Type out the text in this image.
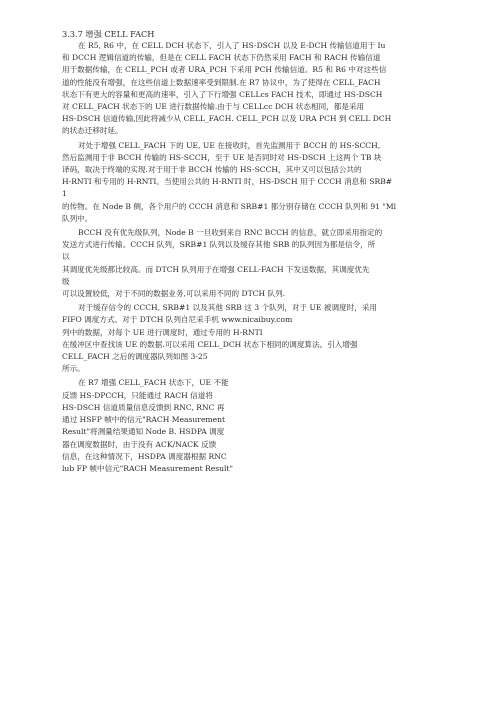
3.3.7 增强 CELL FACH
在 R5, R6 中，在 CELL DCH 状态下，引入了 HS-DSCH 以及 E-DCH 传输信道用于 Iu
和 DCCH 逻辑信道的传输，但是在 CELL FACH 状态下仍然采用 FACH 和 RACH 传输信道
用于数据传输，在 CELL_PCH 或者 URA_PCH 下采用 PCH 传输信道。R5 和 R6 中对这些信
道的性能没有增强，在这些信道上数据速率受到限制.在 R7 协议中，为了使得在 CELL_FACH
状态下有更大的容量和更高的速率，引入了下行增强 CELLcs FACH 技术，即通过 HS-DSCH
对 CELL_FACH 状态下的 UE 进行数据传输.由于与 CELLcc DCH 状态相同，都是采用
HS-DSCH 信道传输,因此将减少从 CELL_FACH. CELL_PCH 以及 URA PCH 到 CELL DCH
的状态迁移时延。
对处于增强 CELL_FACH 下的 UE, UE 在接收时，首先监测用于 BCCH 的 HS-SCCH,
然后监测用于非 BCCH 传输的 HS-SCCH，至于 UE 是否同时对 HS-DSCH 上这两个 TB 块
译码，取决于终端的实现.对于用于非 BCCH 传输的 HS-SCCH，其中又可以包括公共的
H-RNTI 和专用的 H-RNTI。当使用公共的 H-RNTI 时，HS-DSCH 用于 CCCH 消息和 SRB#
1
的传物。在 Node B 侧，各个用户的 CCCH 消息和 SRB#1 都分别存储在 CCCH 队列和 91 "Ml
队列中。
BCCH 没有优先级队列，Node B 一旦收到来自 RNC BCCH 的信息，就立即采用指定的
发送方式进行传输。CCCH 队列，SRB#1 队列以及缓存其他 SRB 的队列因为都是信令，所
以
其调度优先级都比较高。而 DTCH 队列用于在增强 CELL-FACH 下发送数据，其调度优先
级
可以设置较低，对于不同的数据业务,可以采用不同的 DTCH 队列.
对于缓存信令的 CCCH, SRB#1 以及其他 SRB 这 3 个队列，对于 UE 被调度时，采用
FIFO 调度方式。对于 DTCH 队列自尼采手机 www.nicaibuy.com
列中的数据，对每个 UE 进行调度时，通过专用的 H-RNTI
在缓冲区中查找该 UE 的数据.可以采用 CELL_DCH 状态下相同的调度算法。引入增强
CELL_FACH 之后的调度器队列如图 3-25
所示。
在 R7 增强 CELL_FACH 状态下，UE 不能
反馈 HS-DPCCH，只能通过 RACH 信道将
HS-DSCH 信道质量信息反馈到 RNC, RNC 再
通过 HSFP 帧中的信元"RACH Measurement
Result"将测量结果通知 Node B. HSDPA 调度
器在调度数据时，由于没有 ACK/NACK 反馈
信息，在这种情况下，HSDPA 调度器根据 RNC
lub FP 帧中信元"RACH Measurement Result"
